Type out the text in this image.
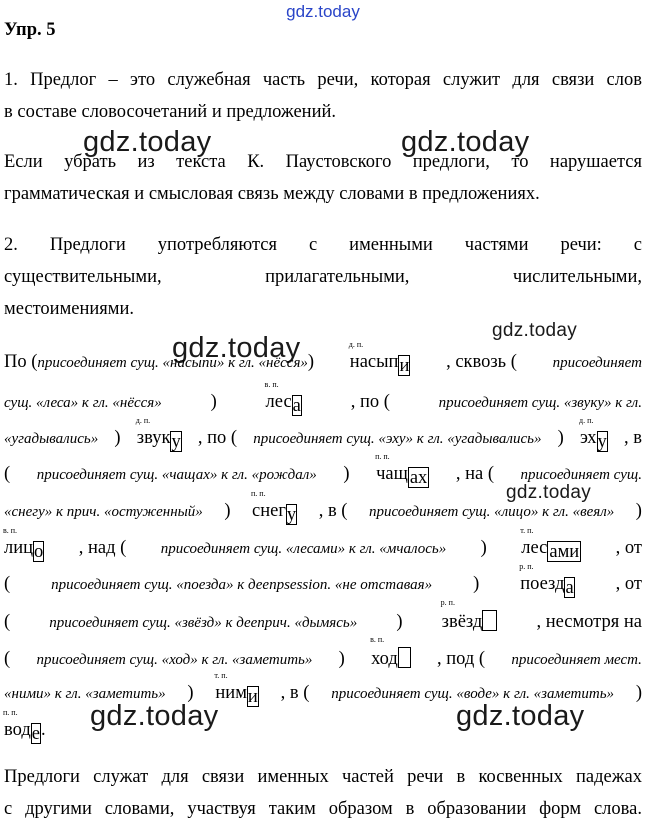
gdz.today
Упр. 5
1. Предлог – это служебная часть речи, которая служит для связи слов
в составе словосочетаний и предложений.
gdz.today	gdz.today
Если убрать из текста К. Паустовского предлоги, то нарушается
грамматическая и смысловая связь между словами в предложениях.
2. Предлоги употребляются с именными частями речи: с
существительными, прилагательными, числительными,
местоимениями.
gdz.today
gdz.today
По (присоединяет сущ. «насыпи» к гл. «нёсся»)
д. п.
насыпи , сквозь ( присоединяет
сущ. «леса» к гл. «нёсся»	)
в. п.
леса	, по (	присоединяет сущ. «звуку» к гл.
«угадывались» )
д. п.
звуку , по ( присоединяет сущ. «эху» к гл. «угадывались» )
д. п.
эху , в
( присоединяет сущ. «чащах» к гл. «рождал» )
п. п.
чащ ах , на ( присоединяет сущ.
gdz.today
«снегу» к прич. «остуженный» )
п. п.
снегу , в ( присоединяет сущ. «лицо» к гл. «веял» )
в. п.
лицо , над ( присоединяет сущ. «лесами» к гл. «мчалось» )
т. п.
лес ами , от
(	присоединяет сущ. «поезда» к деепрsession. «не отставая» )
р. п.
поезда , от
(	присоединяет сущ. «звёзд» к дееприч. «дымясь» )
р. п.
звёзд	, несмотря на
( присоединяет сущ. «ход» к гл. «заметить» )
в. п.
ход	, под ( присоединяет мест.
«ними» к гл. «заметить» )
т. п.
ними , в ( присоединяет сущ. «воде» к гл. «заметить» )
п. п.
воде . gdz.today	gdz.today
Предлоги служат для связи именных частей речи в косвенных падежах
с другими словами, участвуя таким образом в образовании форм слова.
